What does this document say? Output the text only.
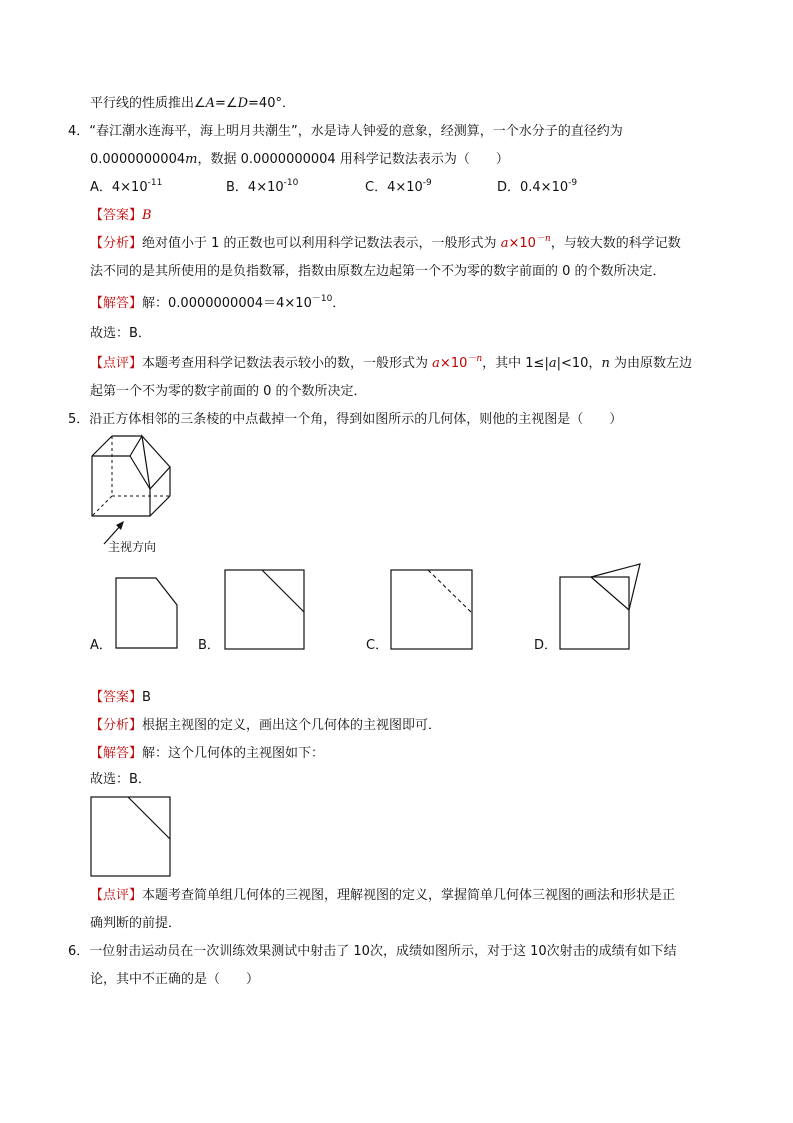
平行线的性质推出∠A=∠D=40°．
4．“春江潮水连海平，海上明月共潮生”，水是诗人钟爱的意象，经测算，一个水分子的直径约为
0.0000000004m，数据 0.0000000004 用科学记数法表示为（　　）
A．$4\times 10^{-11}$	B．$4\times 10^{-10}$	C．$4\times 10^{-9}$	D．$0.4\times 10^{-9}$
【答案】B
【分析】绝对值小于 1 的正数也可以利用科学记数法表示，一般形式为 $a\times 10^{-n}$，与较大数的科学记数
法不同的是其所使用的是负指数幂，指数由原数左边起第一个不为零的数字前面的 0 的个数所决定．
【解答】解：$0.0000000004=4\times 10^{-10}$．
故选：B．
【点评】本题考查用科学记数法表示较小的数，一般形式为 $a\times 10^{-n}$，其中 1≤|a|<10，n 为由原数左边
起第一个不为零的数字前面的 0 的个数所决定．
5．沿正方体相邻的三条棱的中点截掉一个角，得到如图所示的几何体，则他的主视图是（　　）
主视方向
A．	B．	C．	D．
【答案】B
【分析】根据主视图的定义，画出这个几何体的主视图即可．
【解答】解：这个几何体的主视图如下：
故选：B．
【点评】本题考查简单组几何体的三视图，理解视图的定义，掌握简单几何体三视图的画法和形状是正
确判断的前提．
6．一位射击运动员在一次训练效果测试中射击了 10次，成绩如图所示，对于这 10次射击的成绩有如下结
论，其中不正确的是（　　）
